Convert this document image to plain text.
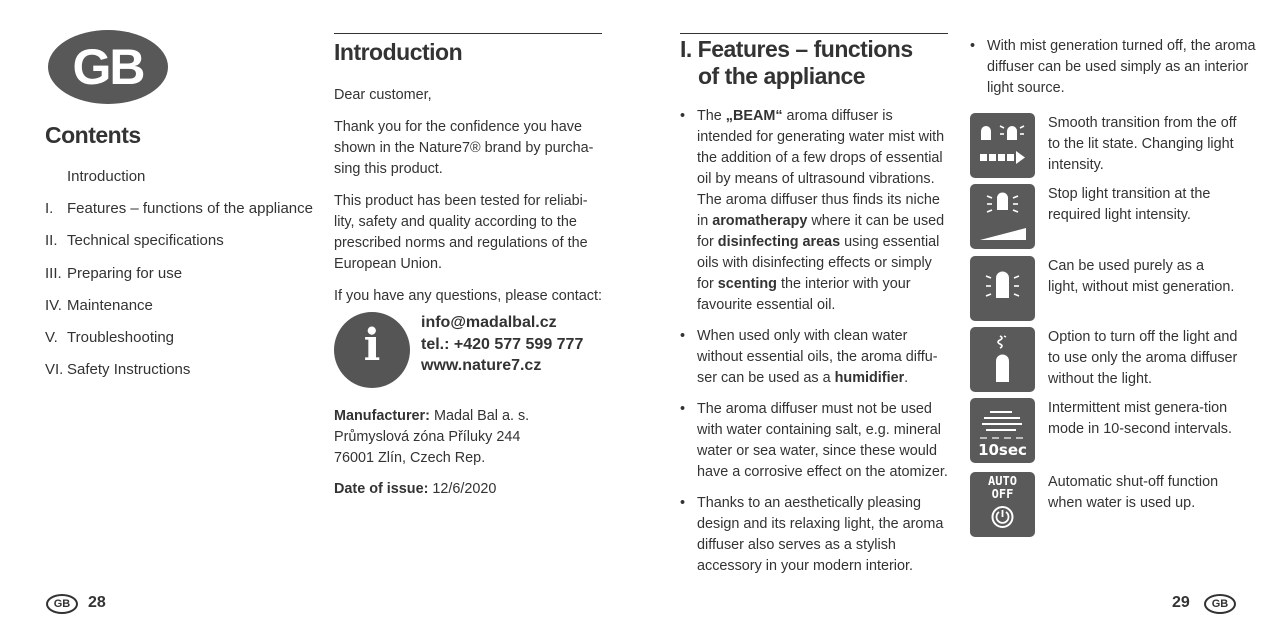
GB
Contents
Introduction
I. Features – functions of the appliance
II. Technical specifications
III. Preparing for use
IV. Maintenance
V. Troubleshooting
VI. Safety Instructions
Introduction

Dear customer,

Thank you for the confidence you have shown in the Nature7® brand by purcha-sing this product.

This product has been tested for reliabi-lity, safety and quality according to the prescribed norms and regulations of the European Union.

If you have any questions, please contact:

i	info@madalbal.cz
tel.: +420 577 599 777
www.nature7.cz
Manufacturer: Madal Bal a. s.
Průmyslová zóna Příluky 244
76001 Zlín, Czech Rep.
Date of issue: 12/6/2020
GB	28
I. Features – functions
of the appliance
• The „BEAM“ aroma diffuser is intended for generating water mist with the addition of a few drops of essential oil by means of ultrasound vibrations. The aroma diffuser thus finds its niche in aromatherapy where it can be used for disinfecting areas using essential oils with disinfecting effects or simply for scenting the interior with your favourite essential oil.
• When used only with clean water without essential oils, the aroma diffu-ser can be used as a humidifier.
• The aroma diffuser must not be used with water containing salt, e.g. mineral water or sea water, since these would have a corrosive effect on the atomizer.
• Thanks to an aesthetically pleasing design and its relaxing light, the aroma diffuser also serves as a stylish accessory in your modern interior.
• With mist generation turned off, the aroma diffuser can be used simply as an interior light source.
Smooth transition from the off to the lit state. Changing light intensity.
Stop light transition at the required light intensity.
Can be used purely as a light, without mist generation.
Option to turn off the light and to use only the aroma diffuser without the light.
10sec
Intermittent mist genera-tion mode in 10-second intervals.
AUTO
OFF
Automatic shut-off function when water is used up.
29	GB
